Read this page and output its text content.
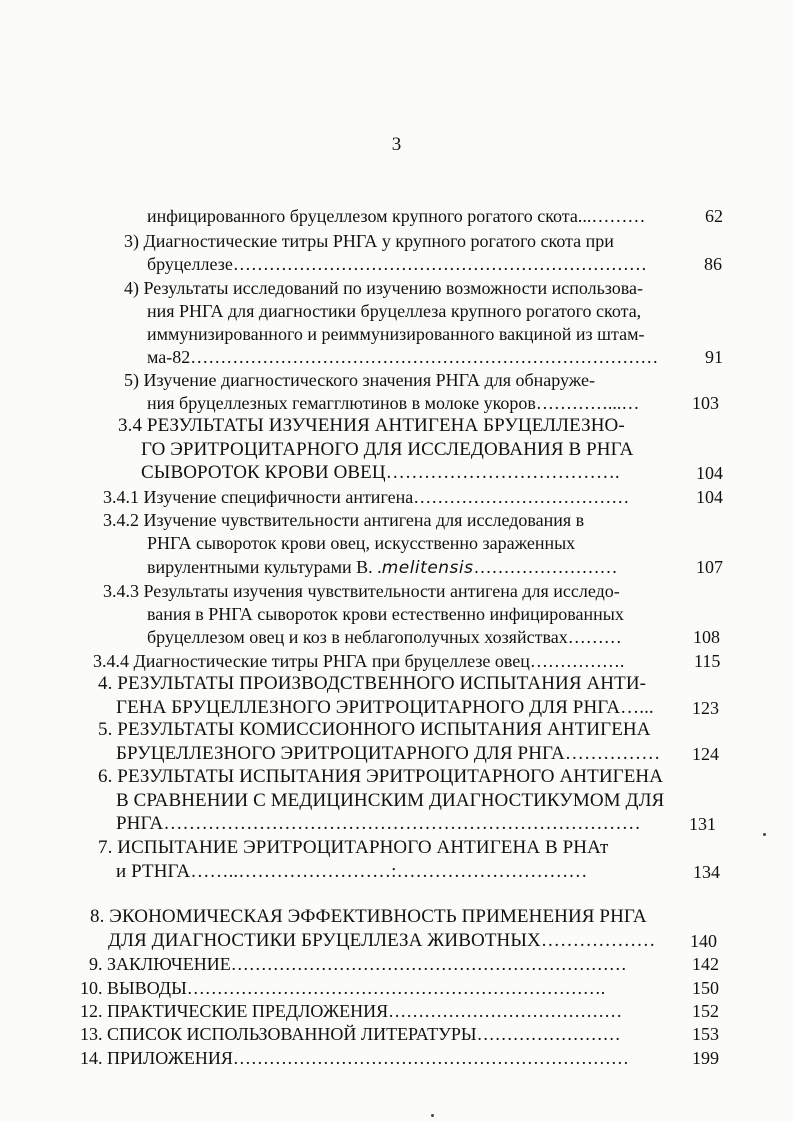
3
инфицированного бруцеллезом крупного рогатого скота...………	62
3) Диагностические титры РНГА у крупного рогатого скота при
бруцеллезе……………………………………………………………	86
4) Результаты исследований по изучению возможности использова-
ния РНГА для диагностики бруцеллеза крупного рогатого скота,
иммунизированного и реиммунизированного вакциной из штам-
ма-82……………………………………………………………………	91
5) Изучение диагностического значения РНГА для обнаруже-
ния бруцеллезных гемагглютинов в молоке укоров…………...…	103
3.4 РЕЗУЛЬТАТЫ ИЗУЧЕНИЯ АНТИГЕНА БРУЦЕЛЛЕЗНО-
ГО ЭРИТРОЦИТАРНОГО ДЛЯ ИССЛЕДОВАНИЯ В РНГА
СЫВОРОТОК КРОВИ ОВЕЦ……………………………….	104
3.4.1 Изучение специфичности антигена………………………………	104
3.4.2 Изучение чувствительности антигена для исследования в
РНГА сывороток крови овец, искусственно зараженных
вирулентными культурами B. .melitensis……………………	107
3.4.3 Результаты изучения чувствительности антигена для исследо-
вания в РНГА сывороток крови естественно инфицированных
бруцеллезом овец и коз в неблагополучных хозяйствах………	108
3.4.4 Диагностические титры РНГА при бруцеллезе овец…………….	115
4. РЕЗУЛЬТАТЫ ПРОИЗВОДСТВЕННОГО ИСПЫТАНИЯ АНТИ-
ГЕНА БРУЦЕЛЛЕЗНОГО ЭРИТРОЦИТАРНОГО ДЛЯ РНГА…... 123
5. РЕЗУЛЬТАТЫ КОМИССИОННОГО ИСПЫТАНИЯ АНТИГЕНА
БРУЦЕЛЛЕЗНОГО ЭРИТРОЦИТАРНОГО ДЛЯ РНГА…………… 124
6. РЕЗУЛЬТАТЫ ИСПЫТАНИЯ ЭРИТРОЦИТАРНОГО АНТИГЕНА
В СРАВНЕНИИ С МЕДИЦИНСКИМ ДИАГНОСТИКУМОМ ДЛЯ
РНГА…………………………………………………………………	131
7. ИСПЫТАНИЕ ЭРИТРОЦИТАРНОГО АНТИГЕНА В РНАт
и РТНГА……..……………………:…………………………	134
8. ЭКОНОМИЧЕСКАЯ ЭФФЕКТИВНОСТЬ ПРИМЕНЕНИЯ РНГА
ДЛЯ ДИАГНОСТИКИ БРУЦЕЛЛЕЗА ЖИВОТНЫХ……………… 140
9. ЗАКЛЮЧЕНИЕ…………………………………………………………	142
10. ВЫВОДЫ…………………………………………………………….	150
12. ПРАКТИЧЕСКИЕ ПРЕДЛОЖЕНИЯ…………………………………	152
13. СПИСОК ИСПОЛЬЗОВАННОЙ ЛИТЕРАТУРЫ……………………	153
14. ПРИЛОЖЕНИЯ…………………………………………………………	199
